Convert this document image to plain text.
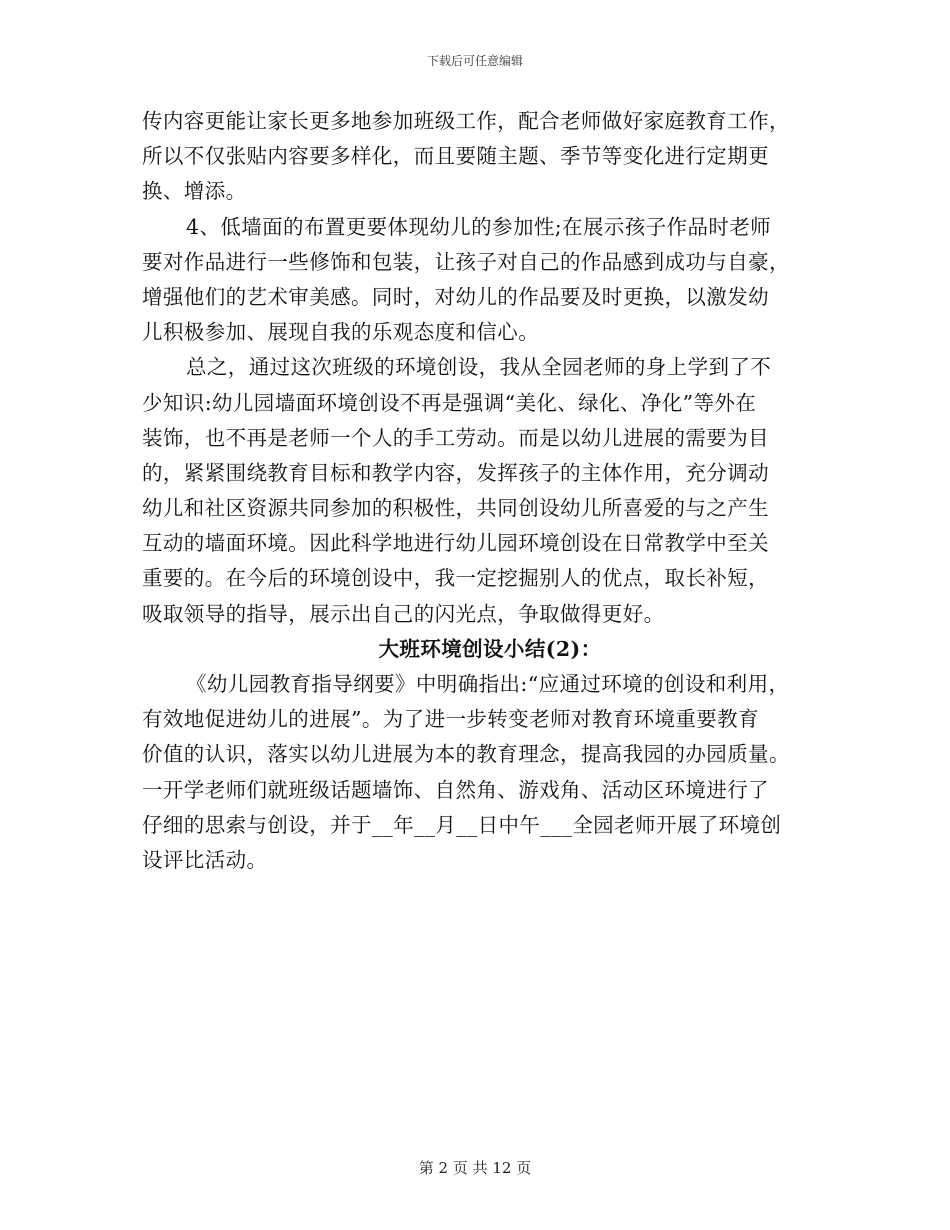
下载后可任意编辑
传内容更能让家长更多地参加班级工作，配合老师做好家庭教育工作，
所以不仅张贴内容要多样化，而且要随主题、季节等变化进行定期更
换、增添。
4、低墙面的布置更要体现幼儿的参加性;在展示孩子作品时老师
要对作品进行一些修饰和包装，让孩子对自己的作品感到成功与自豪，
增强他们的艺术审美感。同时，对幼儿的作品要及时更换，以激发幼
儿积极参加、展现自我的乐观态度和信心。
总之，通过这次班级的环境创设，我从全园老师的身上学到了不
少知识:幼儿园墙面环境创设不再是强调“美化、绿化、净化”等外在
装饰，也不再是老师一个人的手工劳动。而是以幼儿进展的需要为目
的，紧紧围绕教育目标和教学内容，发挥孩子的主体作用，充分调动
幼儿和社区资源共同参加的积极性，共同创设幼儿所喜爱的与之产生
互动的墙面环境。因此科学地进行幼儿园环境创设在日常教学中至关
重要的。在今后的环境创设中，我一定挖掘别人的优点，取长补短，
吸取领导的指导，展示出自己的闪光点，争取做得更好。
大班环境创设小结(2)：
《幼儿园教育指导纲要》中明确指出:“应通过环境的创设和利用，
有效地促进幼儿的进展”。为了进一步转变老师对教育环境重要教育
价值的认识，落实以幼儿进展为本的教育理念，提高我园的办园质量。
一开学老师们就班级话题墙饰、自然角、游戏角、活动区环境进行了
仔细的思索与创设，并于__年__月__日中午___全园老师开展了环境创
设评比活动。
第 2 页 共 12 页
